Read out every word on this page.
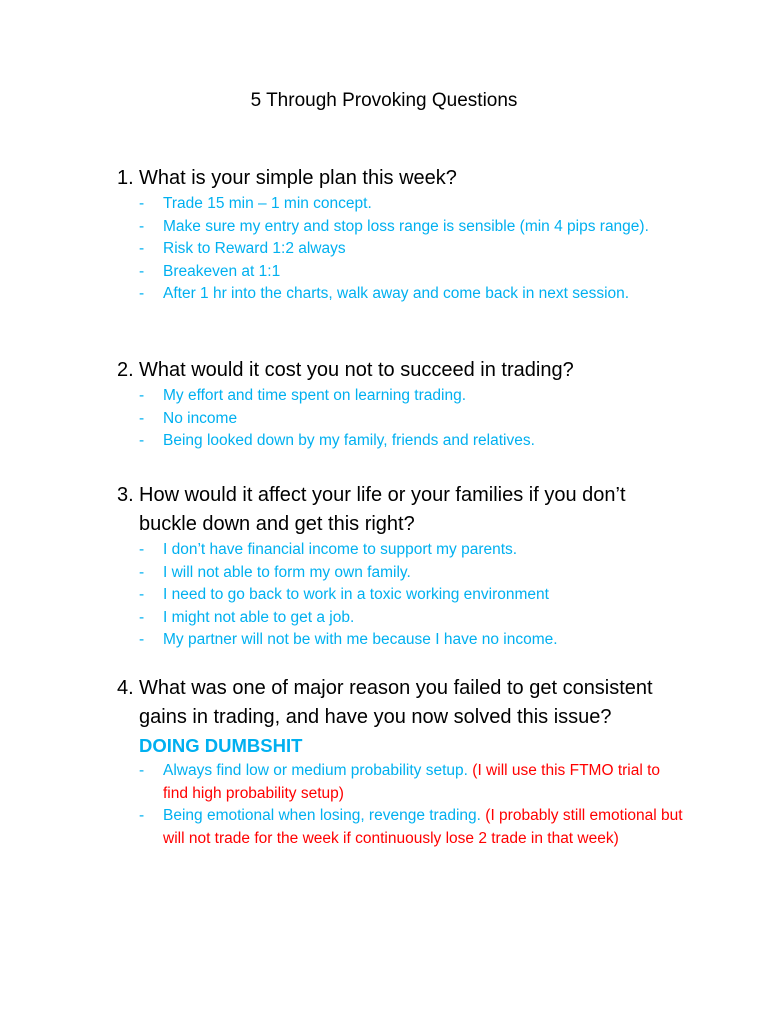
5 Through Provoking Questions

1. What is your simple plan this week?

- Trade 15 min – 1 min concept.
- Make sure my entry and stop loss range is sensible (min 4 pips range).
- Risk to Reward 1:2 always
- Breakeven at 1:1
- After 1 hr into the charts, walk away and come back in next session.

2. What would it cost you not to succeed in trading?

- My effort and time spent on learning trading.
- No income
- Being looked down by my family, friends and relatives.

3. How would it affect your life or your families if you don’t buckle down and get this right?

- I don’t have financial income to support my parents.
- I will not able to form my own family.
- I need to go back to work in a toxic working environment
- I might not able to get a job.
- My partner will not be with me because I have no income.

4. What was one of major reason you failed to get consistent gains in trading, and have you now solved this issue?

DOING DUMBSHIT
- Always find low or medium probability setup. (I will use this FTMO trial to find high probability setup)
- Being emotional when losing, revenge trading. (I probably still emotional but will not trade for the week if continuously lose 2 trade in that week)
